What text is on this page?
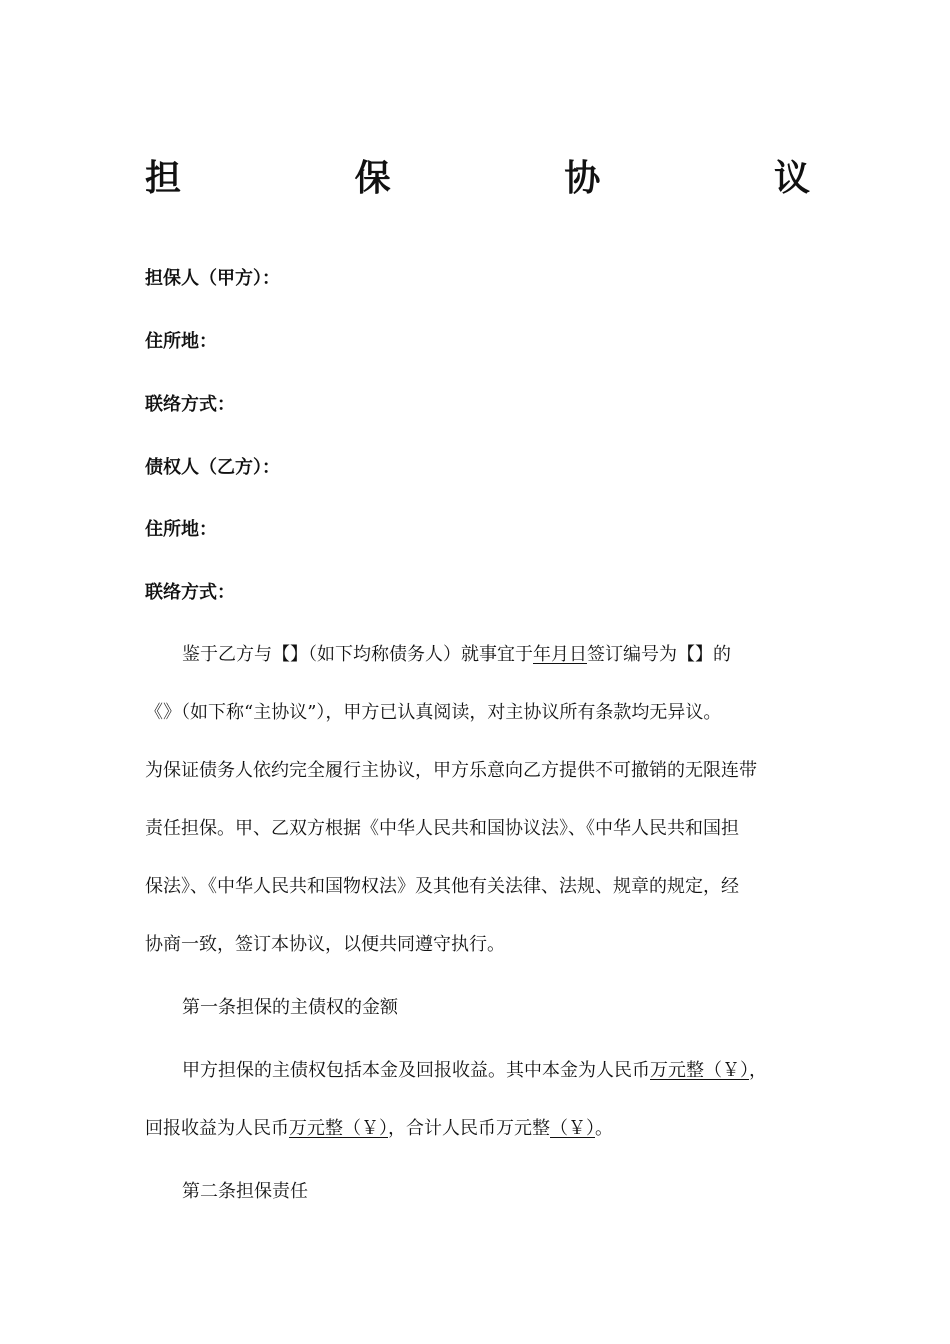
担	保	协	议
担保人（甲方）：
住所地：
联络方式：
债权人（乙方）：
住所地：
联络方式：
鉴于乙方与【】（如下均称债务人）就事宜于年月日签订编号为【】的
《》（如下称“主协议”），甲方已认真阅读，对主协议所有条款均无异议。
为保证债务人依约完全履行主协议，甲方乐意向乙方提供不可撤销的无限连带
责任担保。甲、乙双方根据《中华人民共和国协议法》、《中华人民共和国担
保法》、《中华人民共和国物权法》及其他有关法律、法规、规章的规定，经
协商一致，签订本协议，以便共同遵守执行。
第一条担保的主债权的金额
甲方担保的主债权包括本金及回报收益。其中本金为人民币万元整（￥），
回报收益为人民币万元整（￥），合计人民币万元整（￥）。
第二条担保责任
